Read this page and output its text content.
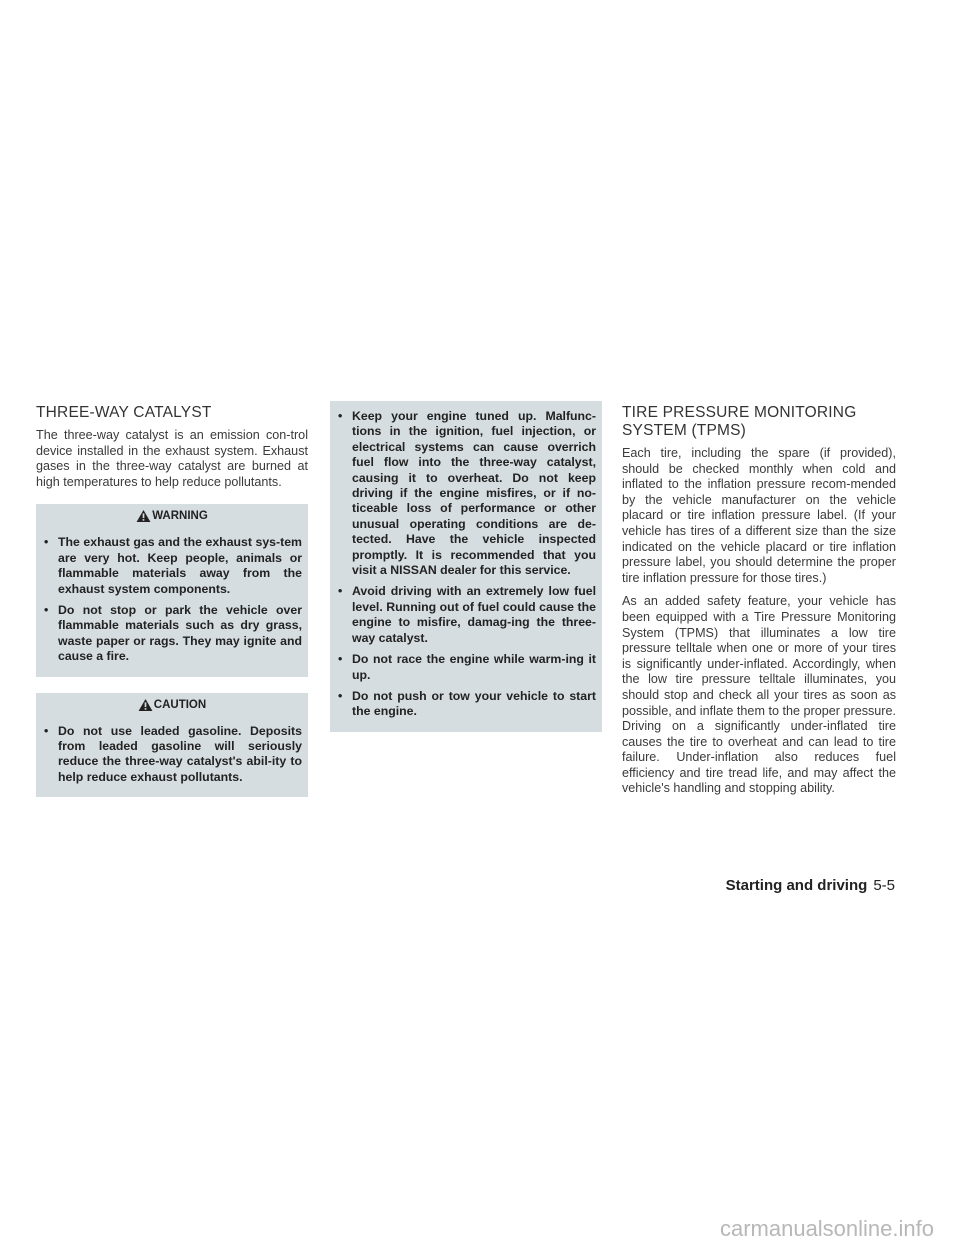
THREE-WAY CATALYST

The three-way catalyst is an emission con-trol device installed in the exhaust system. Exhaust gases in the three-way catalyst are burned at high temperatures to help reduce pollutants.

WARNING
• The exhaust gas and the exhaust sys-tem are very hot. Keep people, animals or flammable materials away from the exhaust system components.
• Do not stop or park the vehicle over flammable materials such as dry grass, waste paper or rags. They may ignite and cause a fire.
CAUTION
• Do not use leaded gasoline. Deposits from leaded gasoline will seriously reduce the three-way catalyst's abil-ity to help reduce exhaust pollutants.
• Keep your engine tuned up. Malfunc-tions in the ignition, fuel injection, or electrical systems can cause overrich fuel flow into the three-way catalyst, causing it to overheat. Do not keep driving if the engine misfires, or if no-ticeable loss of performance or other unusual operating conditions are de-tected. Have the vehicle inspected promptly. It is recommended that you visit a NISSAN dealer for this service.
• Avoid driving with an extremely low fuel level. Running out of fuel could cause the engine to misfire, damag-ing the three-way catalyst.
• Do not race the engine while warm-ing it up.
• Do not push or tow your vehicle to start the engine.
TIRE PRESSURE MONITORING
SYSTEM (TPMS)

Each tire, including the spare (if provided), should be checked monthly when cold and inflated to the inflation pressure recom-mended by the vehicle manufacturer on the vehicle placard or tire inflation pressure label. (If your vehicle has tires of a different size than the size indicated on the vehicle placard or tire inflation pressure label, you should determine the proper tire inflation pressure for those tires.)

As an added safety feature, your vehicle has been equipped with a Tire Pressure Monitoring System (TPMS) that illuminates a low tire pressure telltale when one or more of your tires is significantly under-inflated. Accordingly, when the low tire pressure telltale illuminates, you should stop and check all your tires as soon as possible, and inflate them to the proper pressure. Driving on a significantly under-inflated tire causes the tire to overheat and can lead to tire failure. Under-inflation also reduces fuel efficiency and tire tread life, and may affect the vehicle's handling and stopping ability.

Starting and driving 5-5
carmanualsonline.info
